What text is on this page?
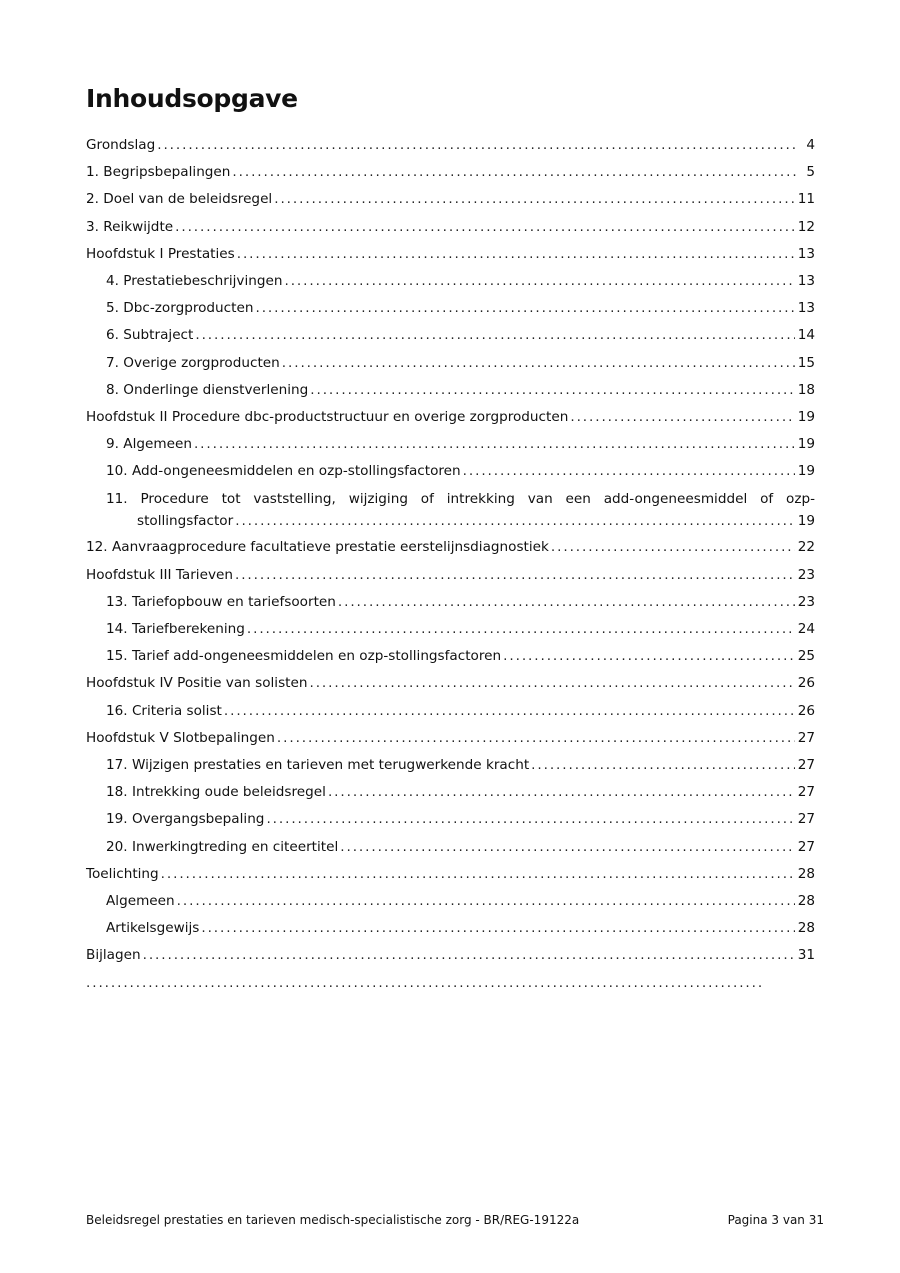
Inhoudsopgave
Grondslag .....	4
1. Begripsbepalingen .....	5
2. Doel van de beleidsregel .....	11
3. Reikwijdte .....	12
Hoofdstuk I Prestaties .....	13
4. Prestatiebeschrijvingen .....	13
5. Dbc-zorgproducten .....	13
6. Subtraject .....	14
7. Overige zorgproducten .....	15
8. Onderlinge dienstverlening .....	18
Hoofdstuk II Procedure dbc-productstructuur en overige zorgproducten .....	19
9. Algemeen .....	19
10. Add-ongeneesmiddelen en ozp-stollingsfactoren .....	19
11. Procedure tot vaststelling, wijziging of intrekking van een add-ongeneesmiddel of ozp-
stollingsfactor .....	19
12. Aanvraagprocedure facultatieve prestatie eerstelijnsdiagnostiek .....	22
Hoofdstuk III Tarieven .....	23
13. Tariefopbouw en tariefsoorten .....	23
14. Tariefberekening .....	24
15. Tarief add-ongeneesmiddelen en ozp-stollingsfactoren .....	25
Hoofdstuk IV Positie van solisten .....	26
16. Criteria solist .....	26
Hoofdstuk V Slotbepalingen .....	27
17. Wijzigen prestaties en tarieven met terugwerkende kracht .....	27
18. Intrekking oude beleidsregel .....	27
19. Overgangsbepaling .....	27
20. Inwerkingtreding en citeertitel .....	27
Toelichting .....	28
Algemeen .....	28
Artikelsgewijs .....	28
Bijlagen .....	31
.....
Beleidsregel prestaties en tarieven medisch-specialistische zorg - BR/REG-19122a	Pagina 3 van 31
